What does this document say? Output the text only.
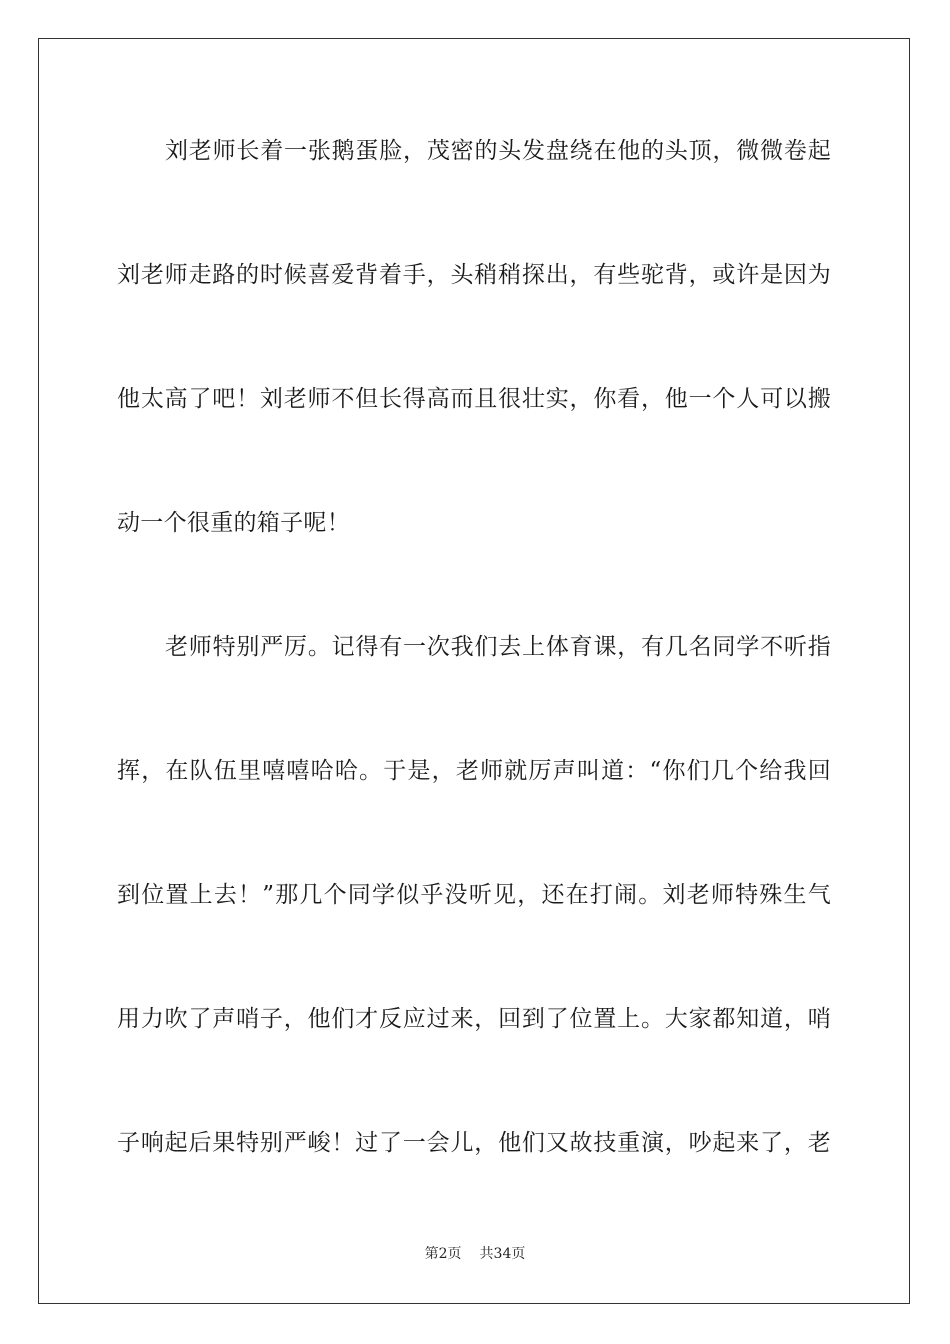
刘老师长着一张鹅蛋脸，茂密的头发盘绕在他的头顶，微微卷起
刘老师走路的时候喜爱背着手，头稍稍探出，有些驼背，或许是因为
他太高了吧！刘老师不但长得高而且很壮实，你看，他一个人可以搬
动一个很重的箱子呢！
老师特别严厉。记得有一次我们去上体育课，有几名同学不听指
挥，在队伍里嘻嘻哈哈。于是，老师就厉声叫道：“你们几个给我回
到位置上去！”那几个同学似乎没听见，还在打闹。刘老师特殊生气
用力吹了声哨子，他们才反应过来，回到了位置上。大家都知道，哨
子响起后果特别严峻！过了一会儿，他们又故技重演，吵起来了，老
第2页 共34页
